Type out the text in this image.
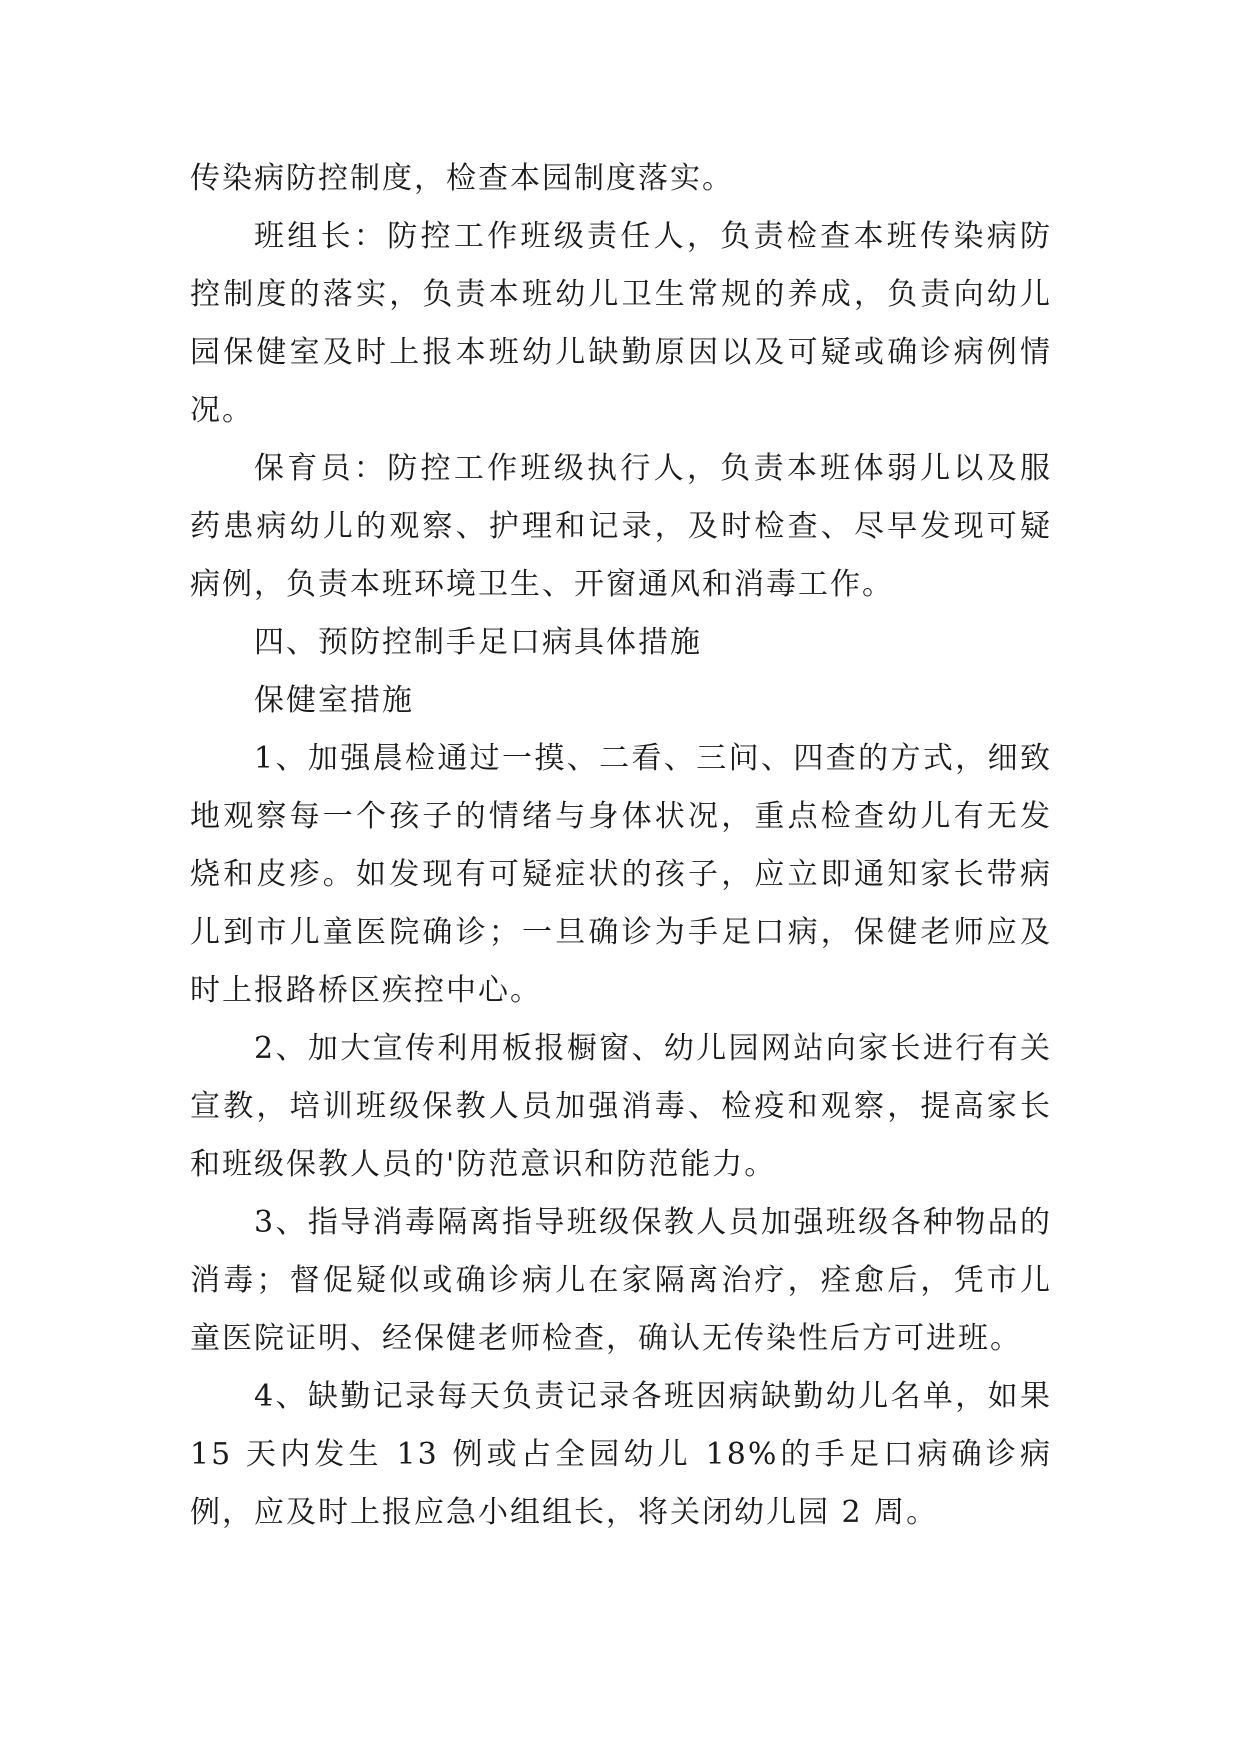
传染病防控制度，检查本园制度落实。

班组长：防控工作班级责任人，负责检查本班传染病防控制度的落实，负责本班幼儿卫生常规的养成，负责向幼儿园保健室及时上报本班幼儿缺勤原因以及可疑或确诊病例情况。

保育员：防控工作班级执行人，负责本班体弱儿以及服药患病幼儿的观察、护理和记录，及时检查、尽早发现可疑病例，负责本班环境卫生、开窗通风和消毒工作。

四、预防控制手足口病具体措施

保健室措施

1、加强晨检通过一摸、二看、三问、四查的方式，细致地观察每一个孩子的情绪与身体状况，重点检查幼儿有无发烧和皮疹。如发现有可疑症状的孩子，应立即通知家长带病儿到市儿童医院确诊；一旦确诊为手足口病，保健老师应及时上报路桥区疾控中心。

2、加大宣传利用板报橱窗、幼儿园网站向家长进行有关宣教，培训班级保教人员加强消毒、检疫和观察，提高家长和班级保教人员的'防范意识和防范能力。

3、指导消毒隔离指导班级保教人员加强班级各种物品的消毒；督促疑似或确诊病儿在家隔离治疗，痊愈后，凭市儿童医院证明、经保健老师检查，确认无传染性后方可进班。

4、缺勤记录每天负责记录各班因病缺勤幼儿名单，如果 15 天内发生 13 例或占全园幼儿 18%的手足口病确诊病例，应及时上报应急小组组长，将关闭幼儿园 2 周。
